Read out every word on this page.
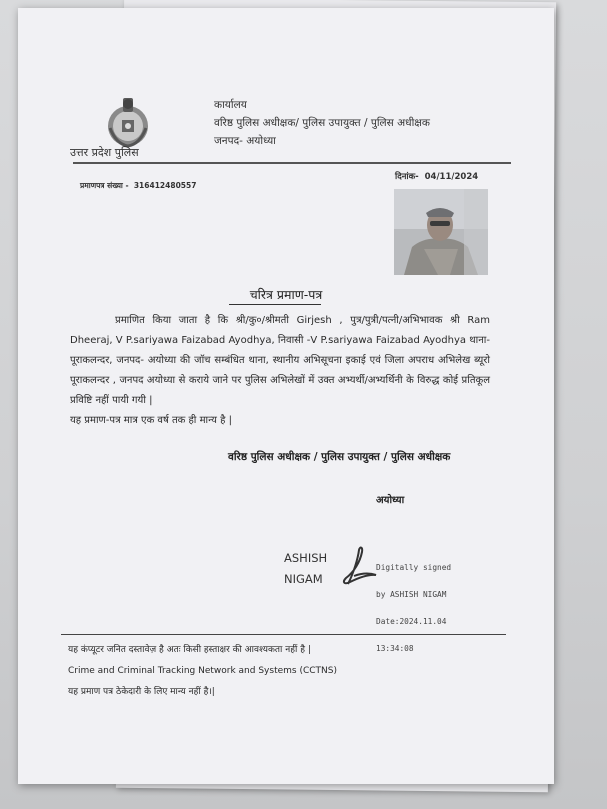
उत्तर प्रदेश पुलिस
कार्यालय
वरिष्ठ पुलिस अधीक्षक/ पुलिस उपायुक्त / पुलिस अधीक्षक
जनपद- अयोध्या
दिनांक- 04/11/2024
प्रमाणपत्र संख्या - 316412480557
चरित्र प्रमाण-पत्र

प्रमाणित किया जाता है कि श्री/कु०/श्रीमती Girjesh , पुत्र/पुत्री/पत्नी/अभिभावक श्री Ram Dheeraj, V P.sariyawa Faizabad Ayodhya, निवासी -V P.sariyawa Faizabad Ayodhya थाना- पूराकलन्दर, जनपद- अयोध्या की जॉच सम्बंधित थाना, स्थानीय अभिसूचना इकाई एवं जिला अपराध अभिलेख ब्यूरो पूराकलन्दर , जनपद अयोध्या से कराये जाने पर पुलिस अभिलेखों में उक्त अभ्यर्थी/अभ्यर्थिनी के विरुद्ध कोई प्रतिकूल प्रविष्टि नहीं पायी गयी |

यह प्रमाण-पत्र मात्र एक वर्ष तक ही मान्य है |

वरिष्ठ पुलिस अधीक्षक / पुलिस उपायुक्त / पुलिस अधीक्षक
अयोध्या
ASHISH
NIGAM

Digitally signed

by ASHISH NIGAM

Date:2024.11.04

13:34:08

यह कंप्यूटर जनित दस्तावेज़ है अतः किसी हस्ताक्षर की आवश्यकता नहीं है |
Crime and Criminal Tracking Network and Systems (CCTNS)
यह प्रमाण पत्र ठेकेदारी के लिए मान्य नहीं है।|
